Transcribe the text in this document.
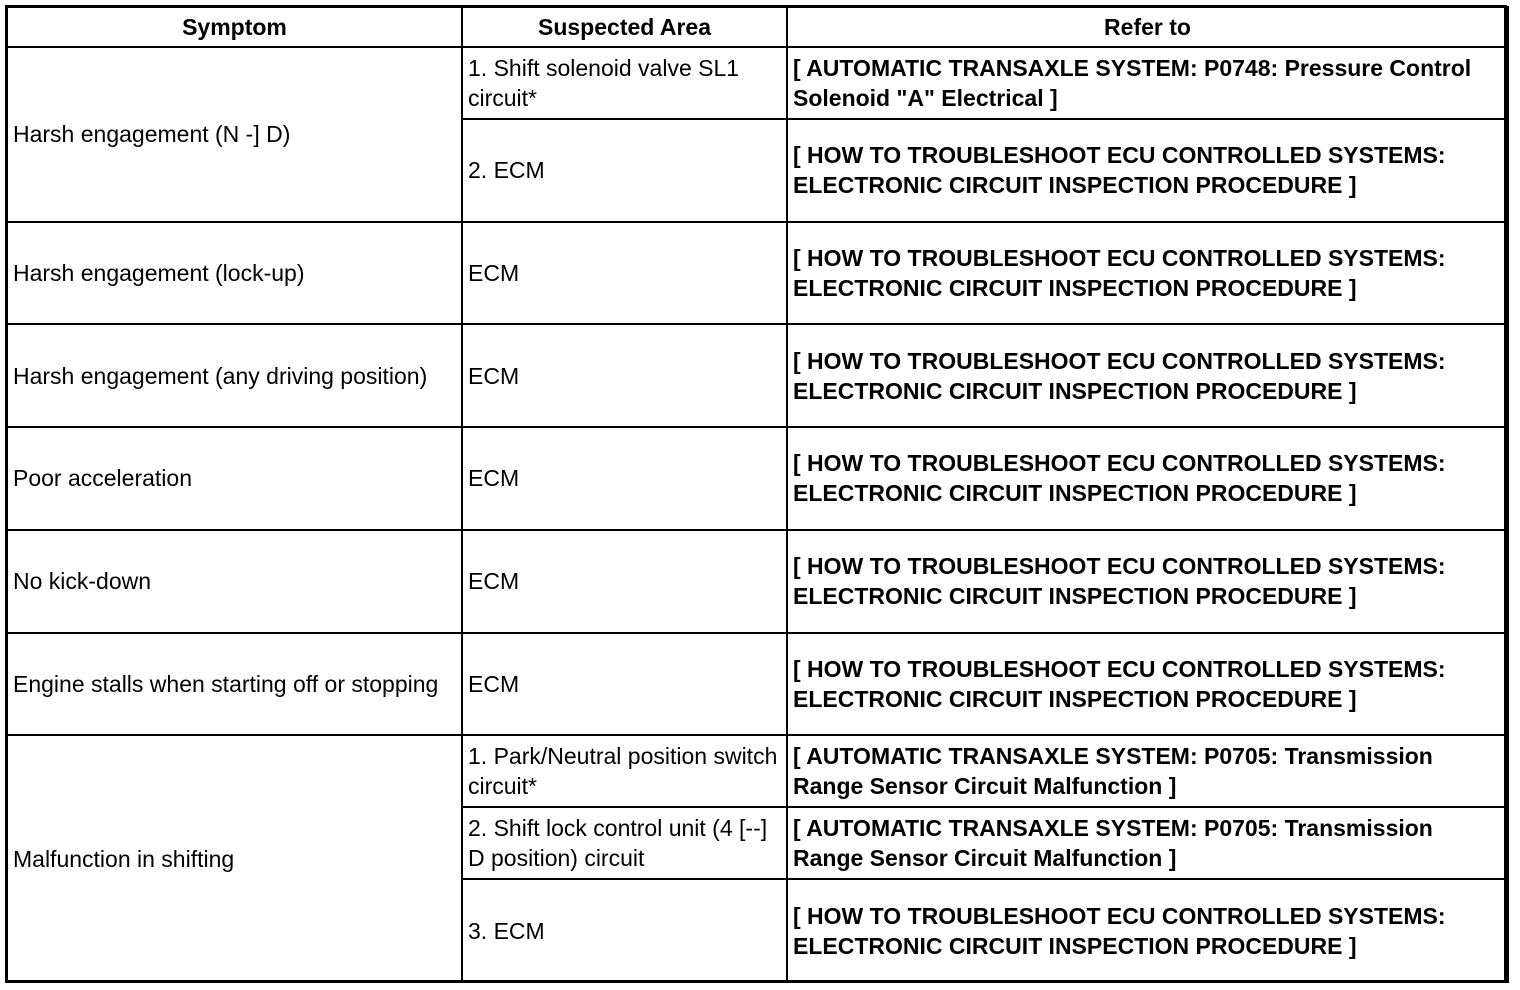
Symptom	Suspected Area	Refer to
Harsh engagement (N -] D)	1. Shift solenoid valve SL1 circuit*	[ AUTOMATIC TRANSAXLE SYSTEM: P0748: Pressure Control Solenoid "A" Electrical ]
	2. ECM	[ HOW TO TROUBLESHOOT ECU CONTROLLED SYSTEMS: ELECTRONIC CIRCUIT INSPECTION PROCEDURE ]
Harsh engagement (lock-up)	ECM	[ HOW TO TROUBLESHOOT ECU CONTROLLED SYSTEMS: ELECTRONIC CIRCUIT INSPECTION PROCEDURE ]
Harsh engagement (any driving position)	ECM	[ HOW TO TROUBLESHOOT ECU CONTROLLED SYSTEMS: ELECTRONIC CIRCUIT INSPECTION PROCEDURE ]
Poor acceleration	ECM	[ HOW TO TROUBLESHOOT ECU CONTROLLED SYSTEMS: ELECTRONIC CIRCUIT INSPECTION PROCEDURE ]
No kick-down	ECM	[ HOW TO TROUBLESHOOT ECU CONTROLLED SYSTEMS: ELECTRONIC CIRCUIT INSPECTION PROCEDURE ]
Engine stalls when starting off or stopping	ECM	[ HOW TO TROUBLESHOOT ECU CONTROLLED SYSTEMS: ELECTRONIC CIRCUIT INSPECTION PROCEDURE ]
Malfunction in shifting	1. Park/Neutral position switch circuit*	[ AUTOMATIC TRANSAXLE SYSTEM: P0705: Transmission Range Sensor Circuit Malfunction ]
	2. Shift lock control unit (4 [--] D position) circuit	[ AUTOMATIC TRANSAXLE SYSTEM: P0705: Transmission Range Sensor Circuit Malfunction ]
	3. ECM	[ HOW TO TROUBLESHOOT ECU CONTROLLED SYSTEMS: ELECTRONIC CIRCUIT INSPECTION PROCEDURE ]
